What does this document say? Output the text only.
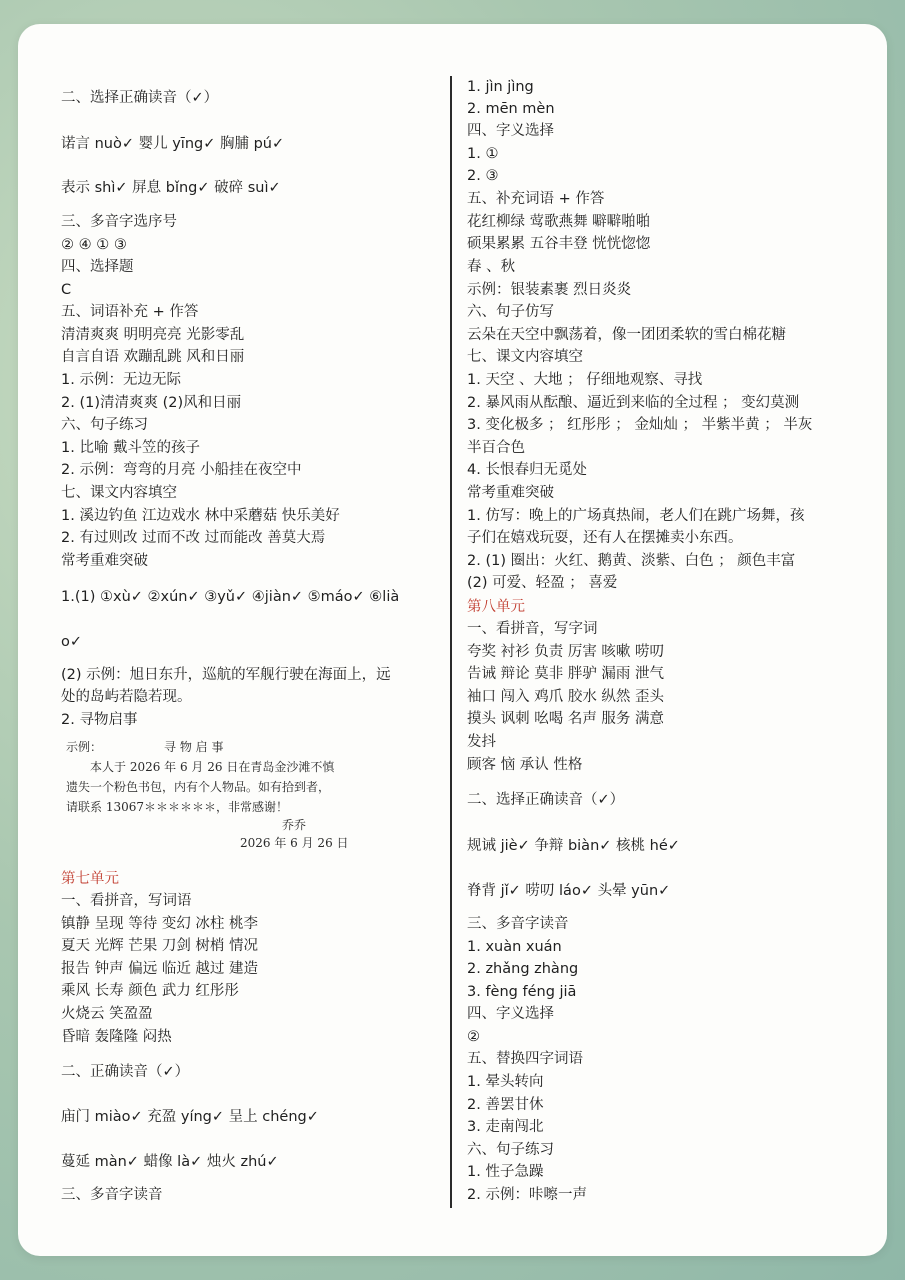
二、选择正确读音（✓）
诺言 nuò✓ 婴儿 yīng✓ 胸脯 pú✓
表示 shì✓ 屏息 bǐng✓ 破碎 suì✓
三、多音字选序号
② ④ ① ③
四、选择题
C
五、词语补充 + 作答
清清爽爽 明明亮亮 光影零乱
自言自语 欢蹦乱跳 风和日丽
1. 示例：无边无际
2. (1)清清爽爽 (2)风和日丽
六、句子练习
1. 比喻 戴斗笠的孩子
2. 示例：弯弯的月亮 小船挂在夜空中
七、课文内容填空
1. 溪边钓鱼 江边戏水 林中采蘑菇 快乐美好
2. 有过则改 过而不改 过而能改 善莫大焉
常考重难突破
1.(1) ①xù✓ ②xún✓ ③yǔ✓ ④jiàn✓ ⑤máo✓ ⑥lià
o✓
(2) 示例：旭日东升，巡航的军舰行驶在海面上，远
处的岛屿若隐若现。
2. 寻物启事
第七单元
一、看拼音，写词语
镇静 呈现 等待 变幻 冰柱 桃李
夏天 光辉 芒果 刀剑 树梢 情况
报告 钟声 偏远 临近 越过 建造
乘风 长寿 颜色 武力 红彤彤
火烧云 笑盈盈
昏暗 轰隆隆 闷热
二、正确读音（✓）
庙门 miào✓ 充盈 yíng✓ 呈上 chéng✓
蔓延 màn✓ 蜡像 là✓ 烛火 zhú✓
三、多音字读音
1. jìn jìng
2. mēn mèn
四、字义选择
1. ①
2. ③
五、补充词语 + 作答
花红柳绿 莺歌燕舞 噼噼啪啪
硕果累累 五谷丰登 恍恍惚惚
春 、秋
示例：银装素裹 烈日炎炎
六、句子仿写
云朵在天空中飘荡着，像一团团柔软的雪白棉花糖
七、课文内容填空
1. 天空 、大地 ； 仔细地观察、寻找
2. 暴风雨从酝酿、逼近到来临的全过程 ； 变幻莫测
3. 变化极多 ； 红彤彤 ； 金灿灿 ； 半紫半黄 ； 半灰
半百合色
4. 长恨春归无觅处
常考重难突破
1. 仿写：晚上的广场真热闹，老人们在跳广场舞，孩
子们在嬉戏玩耍，还有人在摆摊卖小东西。
2. (1) 圈出：火红、鹅黄、淡紫、白色 ； 颜色丰富
(2) 可爱、轻盈 ； 喜爱
第八单元
一、看拼音，写字词
夸奖 衬衫 负责 厉害 咳嗽 唠叨
告诫 辩论 莫非 胖驴 漏雨 泄气
袖口 闯入 鸡爪 胶水 纵然 歪头
摸头 讽刺 吆喝 名声 服务 满意
发抖
顾客 恼 承认 性格
二、选择正确读音（✓）
规诫 jiè✓ 争辩 biàn✓ 核桃 hé✓
脊背 jǐ✓ 唠叨 láo✓ 头晕 yūn✓
三、多音字读音
1. xuàn xuán
2. zhǎng zhàng
3. fèng féng jiā
四、字义选择
②
五、替换四字词语
1. 晕头转向
2. 善罢甘休
3. 走南闯北
六、句子练习
1. 性子急躁
2. 示例：咔嚓一声
示例：	寻 物 启 事
本人于 2026 年 6 月 26 日在青岛金沙滩不慎
遗失一个粉色书包，内有个人物品。如有拾到者，
请联系 13067＊＊＊＊＊＊，非常感谢！
乔乔
2026 年 6 月 26 日
